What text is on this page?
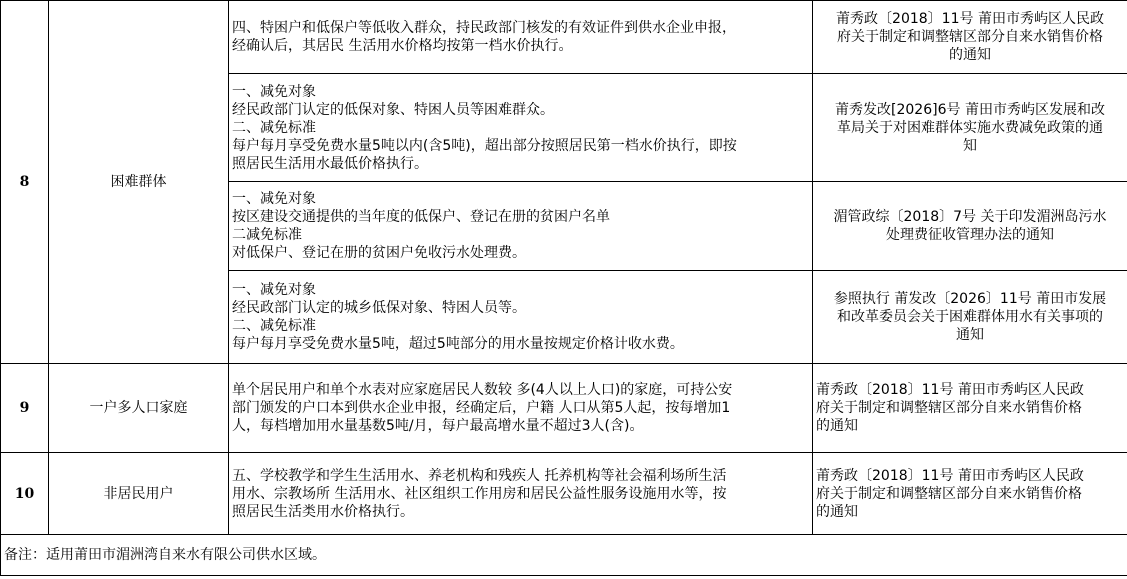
8	困难群体	四、特困户和低保户等低收入群众，持民政部门核发的有效证件到供水企业申报，
经确认后，其居民 生活用水价格均按第一档水价执行。	莆秀政〔2018〕11号 莆田市秀屿区人民政
府关于制定和调整辖区部分自来水销售价格
的通知

		一、减免对象
经民政部门认定的低保对象、特困人员等困难群众。
二、减免标准
每户每月享受免费水量5吨以内(含5吨)，超出部分按照居民第一档水价执行，即按
照居民生活用水最低价格执行。	莆秀发改[2026]6号 莆田市秀屿区发展和改
革局关于对困难群体实施水费减免政策的通
知

		一、减免对象
按区建设交通提供的当年度的低保户、登记在册的贫困户名单
二减免标准
对低保户、登记在册的贫困户免收污水处理费。	湄管政综〔2018〕7号 关于印发湄洲岛污水
处理费征收管理办法的通知

		一、减免对象
经民政部门认定的城乡低保对象、特困人员等。
二、减免标准
每户每月享受免费水量5吨，超过5吨部分的用水量按规定价格计收水费。	参照执行 莆发改〔2026〕11号 莆田市发展
和改革委员会关于困难群体用水有关事项的
通知

9	一户多人口家庭	单个居民用户和单个水表对应家庭居民人数较 多(4人以上人口)的家庭，可持公安
部门颁发的户口本到供水企业申报，经确定后，户籍 人口从第5人起，按每增加1
人，每档增加用水量基数5吨/月，每户最高增水量不超过3人(含)。	莆秀政〔2018〕11号 莆田市秀屿区人民政
府关于制定和调整辖区部分自来水销售价格
的通知

10	非居民用户	五、学校教学和学生生活用水、养老机构和残疾人 托养机构等社会福利场所生活
用水、宗教场所 生活用水、社区组织工作用房和居民公益性服务设施用水等，按
照居民生活类用水价格执行。	莆秀政〔2018〕11号 莆田市秀屿区人民政
府关于制定和调整辖区部分自来水销售价格
的通知

备注：适用莆田市湄洲湾自来水有限公司供水区域。			
